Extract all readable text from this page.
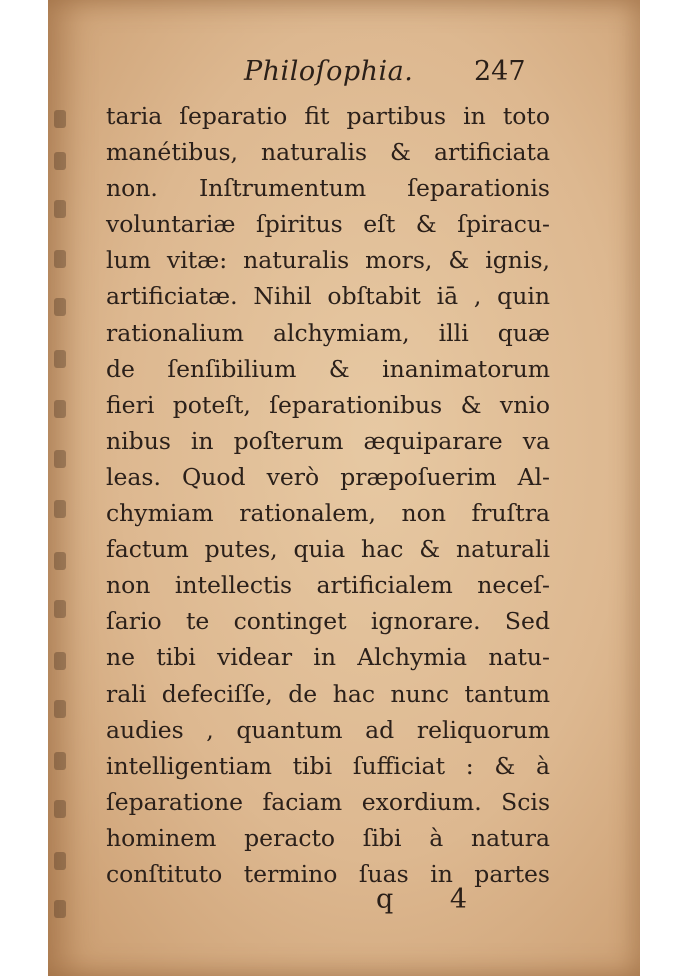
Philoſophia. 247
taria ſeparatio fit partibus in toto
manétibus, naturalis & artificiata
non. Inſtrumentum ſeparationis
voluntariæ ſpiritus eſt & ſpiracu-
lum vitæ: naturalis mors, & ignis,
artificiatæ. Nihil obſtabit iā , quin
rationalium alchymiam, illi quæ
de ſenſibilium & inanimatorum
fieri poteſt, ſeparationibus & vnio
nibus in poſterum æquiparare va
leas. Quod verò præpoſuerim Al-
chymiam rationalem, non fruſtra
factum putes, quia hac & naturali
non intellectis artificialem neceſ-
ſario te continget ignorare. Sed
ne tibi videar in Alchymia natu-
rali defeciſſe, de hac nunc tantum
audies , quantum ad reliquorum
intelligentiam tibi ſufficiat : & à
ſeparatione faciam exordium. Scis
hominem peracto ſibi à natura
conſtituto termino ſuas in partes
q 4
